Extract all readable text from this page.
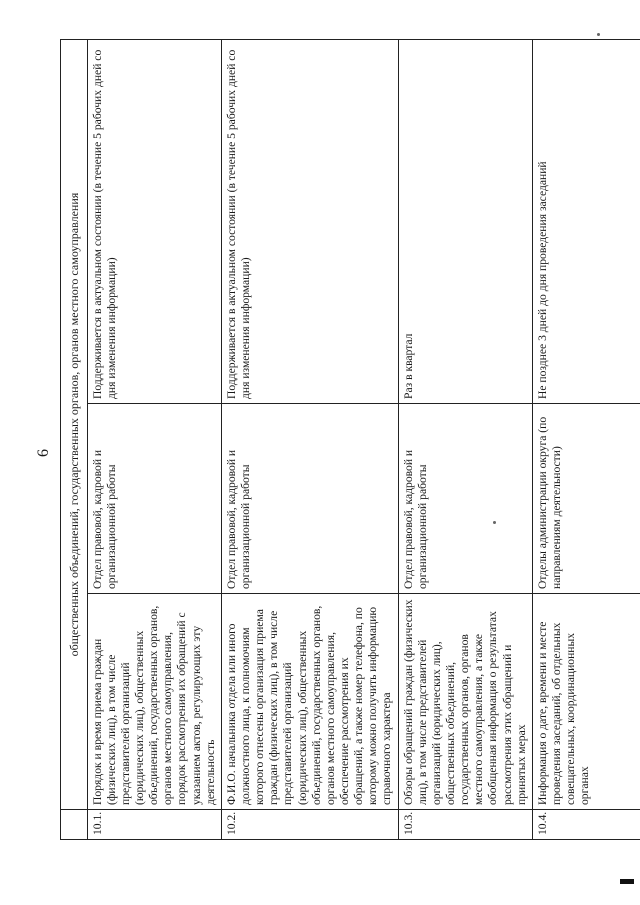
6
	общественных объединений, государственных органов, органов местного самоуправления		
10.1.	Порядок и время приема граждан (физических лиц), в том числе представителей организаций (юридических лиц), общественных объединений, государственных органов, органов местного самоуправления, порядок рассмотрения их обращений с указанием актов, регулирующих эту деятельность	Отдел правовой, кадровой и организационной работы	Поддерживается в актуальном состоянии (в течение 5 рабочих дней со дня изменения информации)
10.2.	Ф.И.О. начальника отдела или иного должностного лица, к полномочиям которого отнесены организация приема граждан (физических лиц), в том числе представителей организаций (юридических лиц), общественных объединений, государственных органов, органов местного самоуправления, обеспечение рассмотрения их обращений, а также номер телефона, по которому можно получить информацию справочного характера	Отдел правовой, кадровой и организационной работы	Поддерживается в актуальном состоянии (в течение 5 рабочих дней со дня изменения информации)
10.3.	Обзоры обращений граждан (физических лиц), в том числе представителей организаций (юридических лиц), общественных объединений, государственных органов, органов местного самоуправления, а также обобщенная информация о результатах рассмотрения этих обращений и принятых мерах	Отдел правовой, кадровой и организационной работы	Раз в квартал
10.4.	Информация о дате, времени и месте проведения заседаний, об отдельных совещательных, координационных органах	Отделы администрации округа (по направлениям деятельности)	Не позднее 3 дней до дня проведения заседаний
